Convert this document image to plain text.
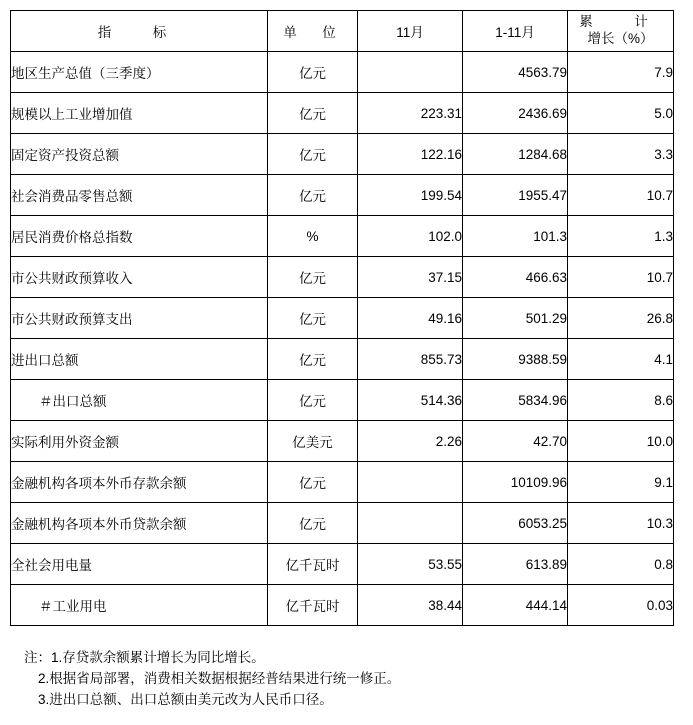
指　标	单　位	11月	1-11月	累　计
增长（%）

地区生产总值（三季度）	亿元		4563.79	7.9
规模以上工业增加值	亿元	223.31	2436.69	5.0
固定资产投资总额	亿元	122.16	1284.68	3.3
社会消费品零售总额	亿元	199.54	1955.47	10.7
居民消费价格总指数	%	102.0	101.3	1.3
市公共财政预算收入	亿元	37.15	466.63	10.7
市公共财政预算支出	亿元	49.16	501.29	26.8
进出口总额	亿元	855.73	9388.59	4.1
＃出口总额	亿元	514.36	5834.96	8.6
实际利用外资金额	亿美元	2.26	42.70	10.0
金融机构各项本外币存款余额	亿元		10109.96	9.1
金融机构各项本外币贷款余额	亿元		6053.25	10.3
全社会用电量	亿千瓦时	53.55	613.89	0.8
＃工业用电	亿千瓦时	38.44	444.14	0.03
注：1.存贷款余额累计增长为同比增长。
2.根据省局部署，消费相关数据根据经普结果进行统一修正。
3.进出口总额、出口总额由美元改为人民币口径。
